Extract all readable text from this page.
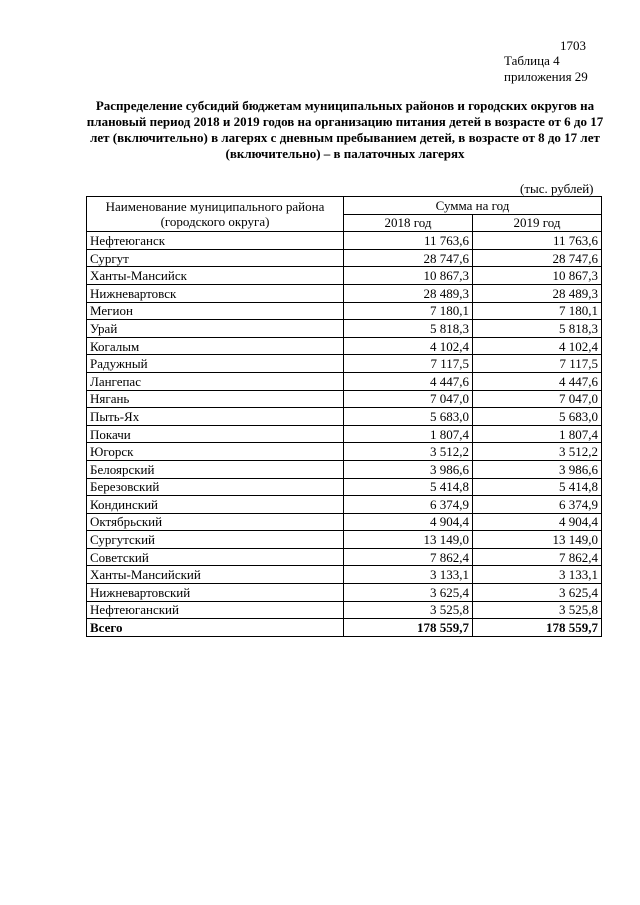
1703
Таблица 4
приложения 29

Распределение субсидий бюджетам муниципальных районов и городских округов на плановый период 2018 и 2019 годов на организацию питания детей в возрасте от 6 до 17 лет (включительно) в лагерях с дневным пребыванием детей, в возрасте от 8 до 17 лет (включительно) – в палаточных лагерях

(тыс. рублей)
Наименование муниципального района
(городского округа)	Сумма на год	
	2018 год	2019 год
Нефтеюганск	11 763,6	11 763,6
Сургут	28 747,6	28 747,6
Ханты-Мансийск	10 867,3	10 867,3
Нижневартовск	28 489,3	28 489,3
Мегион	7 180,1	7 180,1
Урай	5 818,3	5 818,3
Когалым	4 102,4	4 102,4
Радужный	7 117,5	7 117,5
Лангепас	4 447,6	4 447,6
Нягань	7 047,0	7 047,0
Пыть-Ях	5 683,0	5 683,0
Покачи	1 807,4	1 807,4
Югорск	3 512,2	3 512,2
Белоярский	3 986,6	3 986,6
Березовский	5 414,8	5 414,8
Кондинский	6 374,9	6 374,9
Октябрьский	4 904,4	4 904,4
Сургутский	13 149,0	13 149,0
Советский	7 862,4	7 862,4
Ханты-Мансийский	3 133,1	3 133,1
Нижневартовский	3 625,4	3 625,4
Нефтеюганский	3 525,8	3 525,8
Всего	178 559,7	178 559,7
